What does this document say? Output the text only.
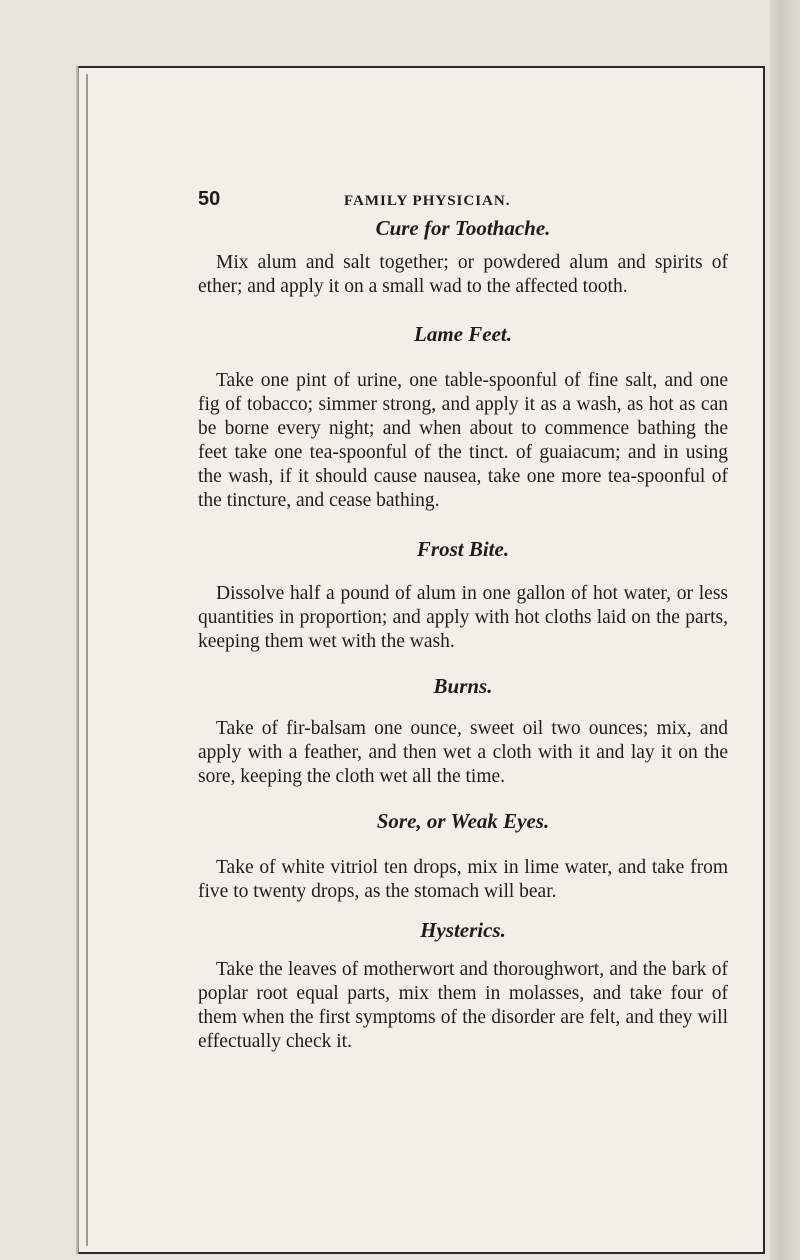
50	FAMILY PHYSICIAN.
Cure for Toothache.

Mix alum and salt together; or powdered alum and spirits of ether; and apply it on a small wad to the affected tooth.

Lame Feet.

Take one pint of urine, one table-spoonful of fine salt, and one fig of tobacco; simmer strong, and apply it as a wash, as hot as can be borne every night; and when about to commence bathing the feet take one tea-spoonful of the tinct. of guaiacum; and in using the wash, if it should cause nausea, take one more tea-spoonful of the tincture, and cease bathing.

Frost Bite.

Dissolve half a pound of alum in one gallon of hot water, or less quantities in proportion; and apply with hot cloths laid on the parts, keeping them wet with the wash.

Burns.

Take of fir-balsam one ounce, sweet oil two ounces; mix, and apply with a feather, and then wet a cloth with it and lay it on the sore, keeping the cloth wet all the time.

Sore, or Weak Eyes.

Take of white vitriol ten drops, mix in lime water, and take from five to twenty drops, as the stomach will bear.

Hysterics.

Take the leaves of motherwort and thoroughwort, and the bark of poplar root equal parts, mix them in molasses, and take four of them when the first symptoms of the disorder are felt, and they will effectually check it.
